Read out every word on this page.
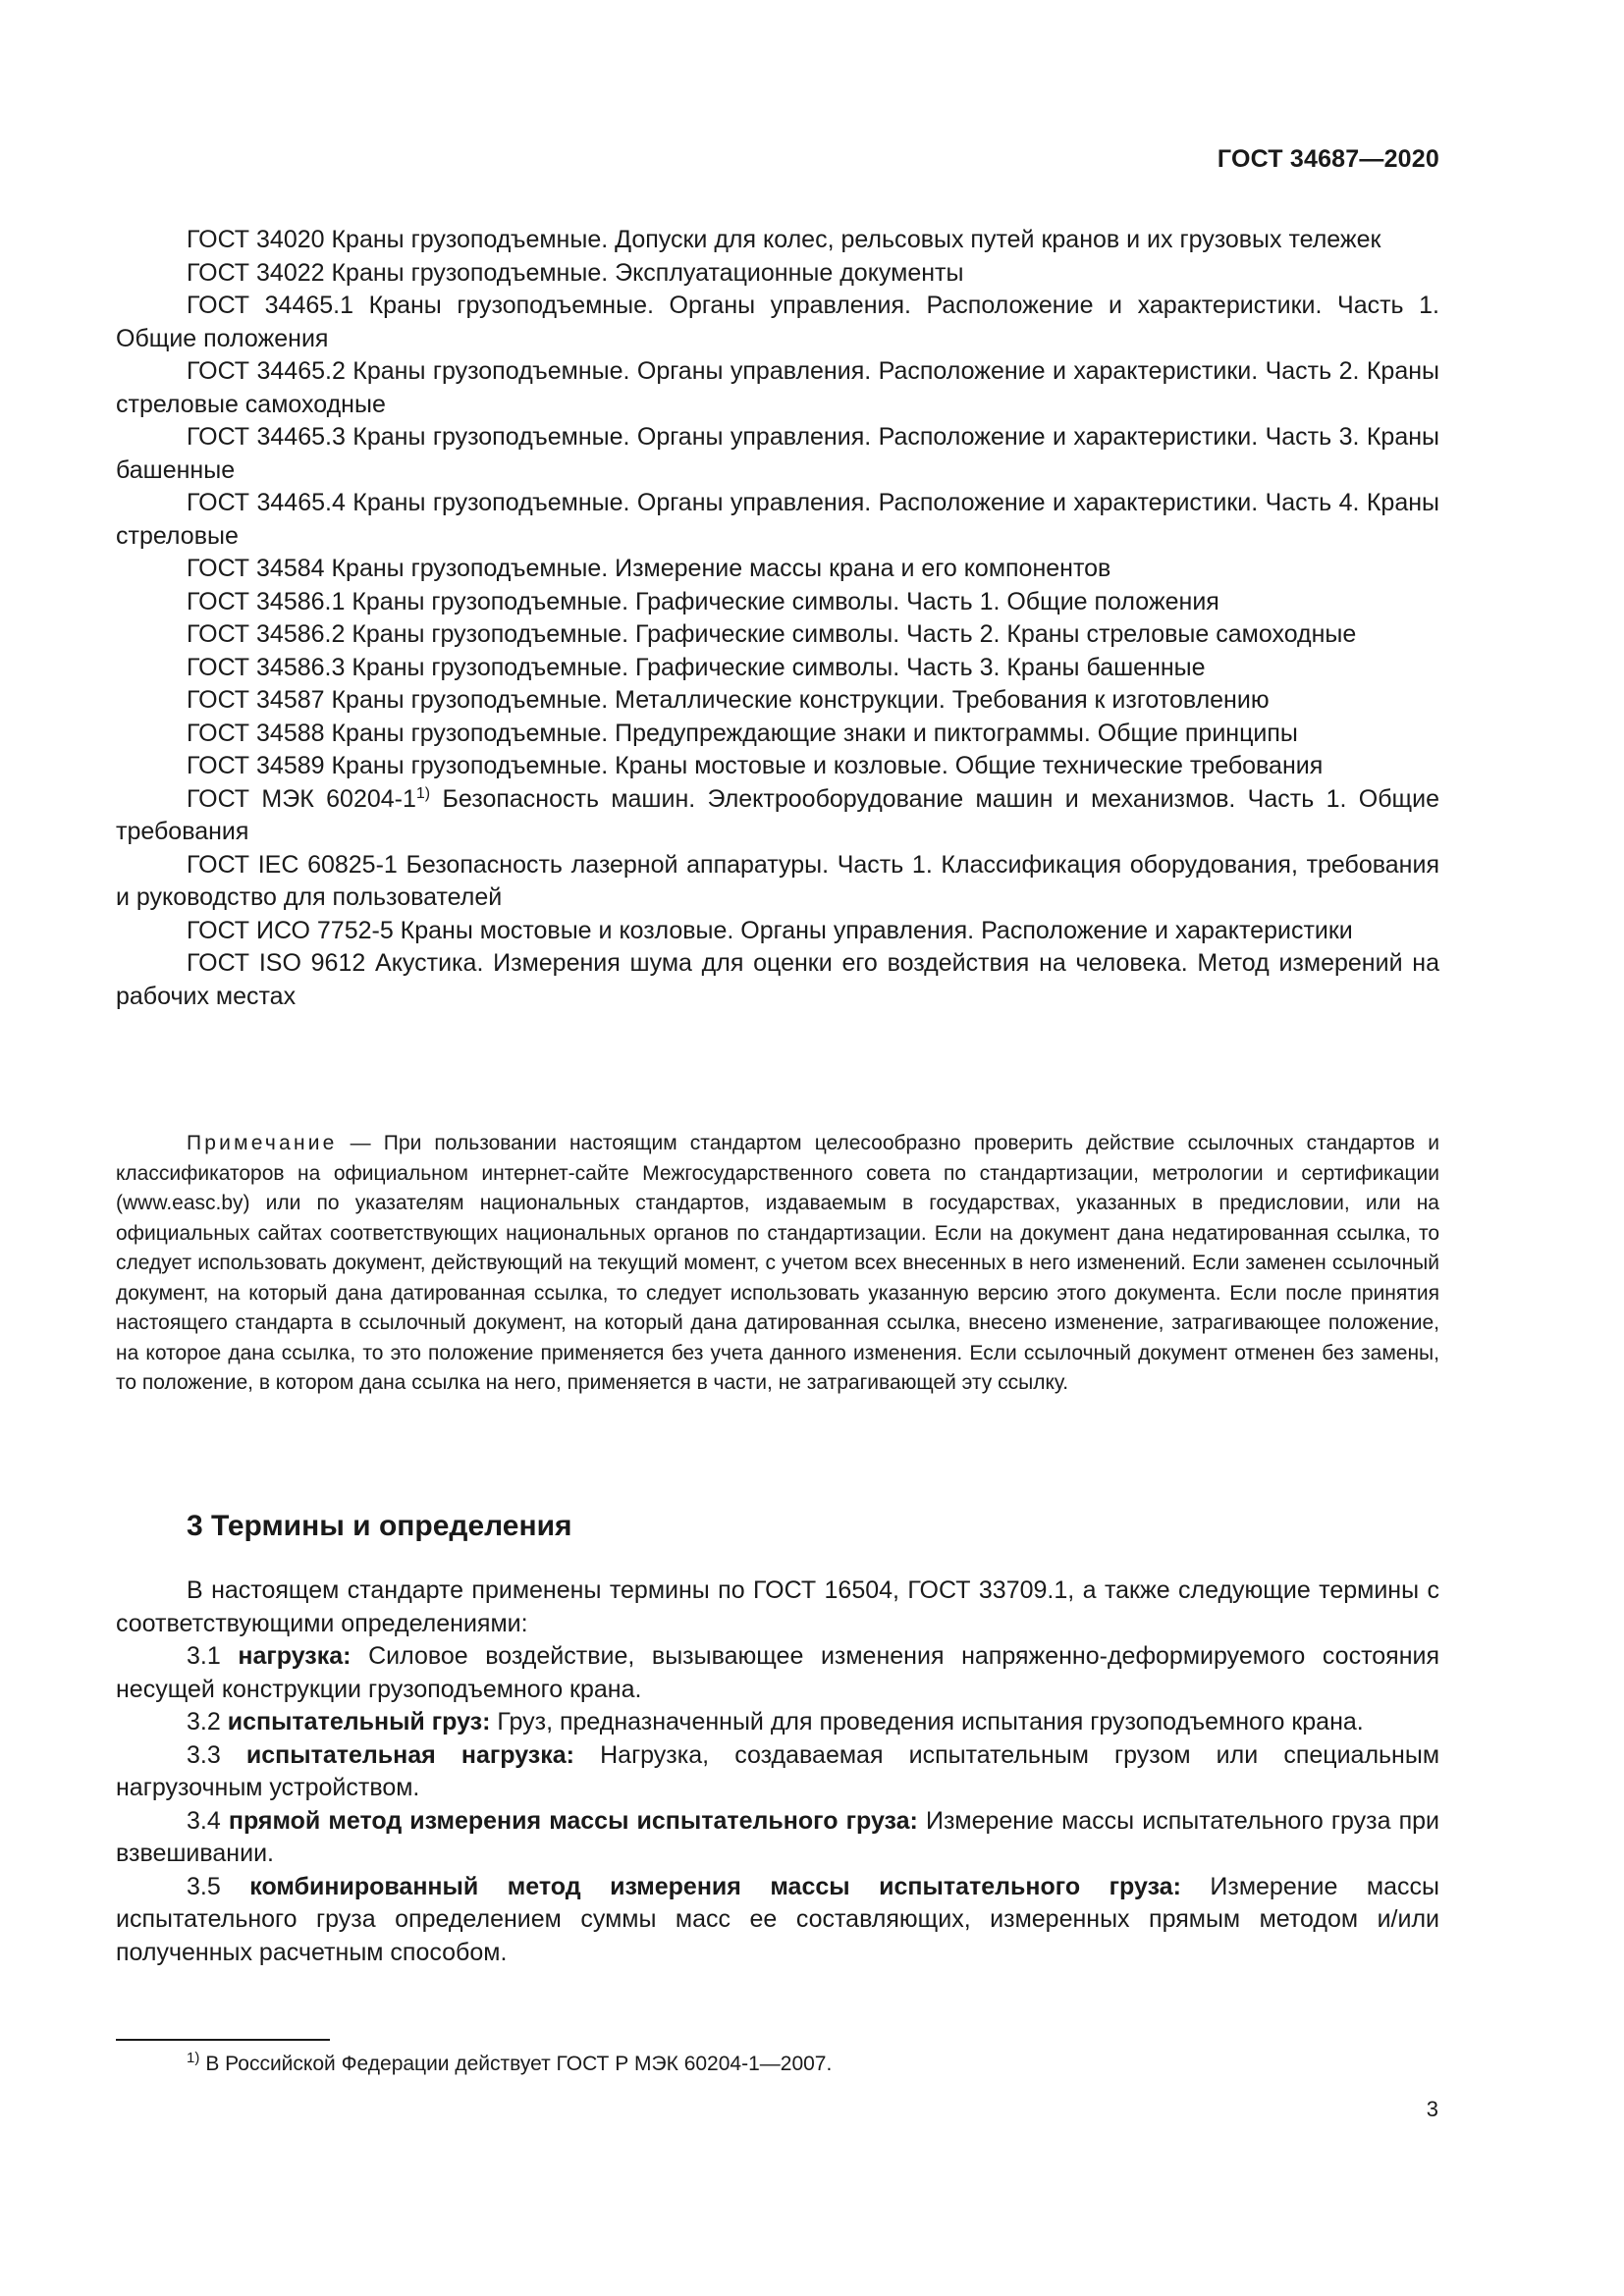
ГОСТ 34687—2020

ГОСТ 34020 Краны грузоподъемные. Допуски для колес, рельсовых путей кранов и их грузовых тележек

ГОСТ 34022 Краны грузоподъемные. Эксплуатационные документы

ГОСТ 34465.1 Краны грузоподъемные. Органы управления. Расположение и характеристики. Часть 1. Общие положения

ГОСТ 34465.2 Краны грузоподъемные. Органы управления. Расположение и характеристики. Часть 2. Краны стреловые самоходные

ГОСТ 34465.3 Краны грузоподъемные. Органы управления. Расположение и характеристики. Часть 3. Краны башенные

ГОСТ 34465.4 Краны грузоподъемные. Органы управления. Расположение и характеристики. Часть 4. Краны стреловые

ГОСТ 34584 Краны грузоподъемные. Измерение массы крана и его компонентов

ГОСТ 34586.1 Краны грузоподъемные. Графические символы. Часть 1. Общие положения

ГОСТ 34586.2 Краны грузоподъемные. Графические символы. Часть 2. Краны стреловые самоходные

ГОСТ 34586.3 Краны грузоподъемные. Графические символы. Часть 3. Краны башенные

ГОСТ 34587 Краны грузоподъемные. Металлические конструкции. Требования к изготовлению

ГОСТ 34588 Краны грузоподъемные. Предупреждающие знаки и пиктограммы. Общие принципы

ГОСТ 34589 Краны грузоподъемные. Краны мостовые и козловые. Общие технические требования

ГОСТ МЭК 60204-1$^{1)}$ Безопасность машин. Электрооборудование машин и механизмов. Часть 1. Общие требования

ГОСТ IEC 60825-1 Безопасность лазерной аппаратуры. Часть 1. Классификация оборудования, требования и руководство для пользователей

ГОСТ ИСО 7752-5 Краны мостовые и козловые. Органы управления. Расположение и характеристики

ГОСТ ISO 9612 Акустика. Измерения шума для оценки его воздействия на человека. Метод измерений на рабочих местах

Примечание — При пользовании настоящим стандартом целесообразно проверить действие ссылочных стандартов и классификаторов на официальном интернет-сайте Межгосударственного совета по стандартизации, метрологии и сертификации (www.easc.by) или по указателям национальных стандартов, издаваемым в государствах, указанных в предисловии, или на официальных сайтах соответствующих национальных органов по стандартизации. Если на документ дана недатированная ссылка, то следует использовать документ, действующий на текущий момент, с учетом всех внесенных в него изменений. Если заменен ссылочный документ, на который дана датированная ссылка, то следует использовать указанную версию этого документа. Если после принятия настоящего стандарта в ссылочный документ, на который дана датированная ссылка, внесено изменение, затрагивающее положение, на которое дана ссылка, то это положение применяется без учета данного изменения. Если ссылочный документ отменен без замены, то положение, в котором дана ссылка на него, применяется в части, не затрагивающей эту ссылку.

3 Термины и определения

В настоящем стандарте применены термины по ГОСТ 16504, ГОСТ 33709.1, а также следующие термины с соответствующими определениями:

3.1 нагрузка: Силовое воздействие, вызывающее изменения напряженно-деформируемого состояния несущей конструкции грузоподъемного крана.

3.2 испытательный груз: Груз, предназначенный для проведения испытания грузоподъемного крана.

3.3 испытательная нагрузка: Нагрузка, создаваемая испытательным грузом или специальным нагрузочным устройством.

3.4 прямой метод измерения массы испытательного груза: Измерение массы испытательного груза при взвешивании.

3.5 комбинированный метод измерения массы испытательного груза: Измерение массы испытательного груза определением суммы масс ее составляющих, измеренных прямым методом и/или полученных расчетным способом.

$^{1)}$ В Российской Федерации действует ГОСТ Р МЭК 60204-1—2007.
3
